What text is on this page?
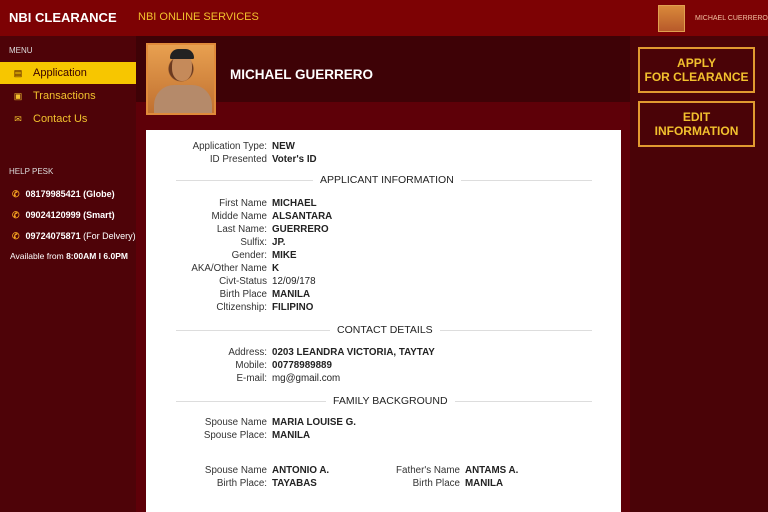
NBI CLEARANCE NBI ONLINE SERVICES	MICHAEL CUERRERO
MENU
▤ Application
▣ Transactions
✉ Contact Us
HELP PESK
✆ 08179985421 (Globe)
✆ 09024120999 (Smart)
✆ 09724075871 (For Delvery)
Available from 8:00AM I 6.0PM
MICHAEL GUERRERO
APPLY
FOR CLEARANCE
EDIT
INFORMATION
Application Type: NEW
ID Presented Voter's ID
APPLICANT INFORMATION
First Name MICHAEL
Midde Name ALSANTARA
Last Name: GUERRERO
Sulfix: JP.
Gender: MIKE
AKA/Other Name K
Civt-Status 12/09/178
Birth Place MANILA
Cltizenship: FILIPINO
CONTACT DETAILS
Address: 0203 LEANDRA VICTORIA, TAYTAY
Mobile: 00778989889
E-mail: mg@gmail.com
FAMILY BACKGROUND
Spouse Name MARIA LOUISE G.
Spouse Place: MANILA
Spouse Name ANTONIO A.
Birth Place: TAYABAS
Father's Name ANTAMS A.
Birth Place MANILA
